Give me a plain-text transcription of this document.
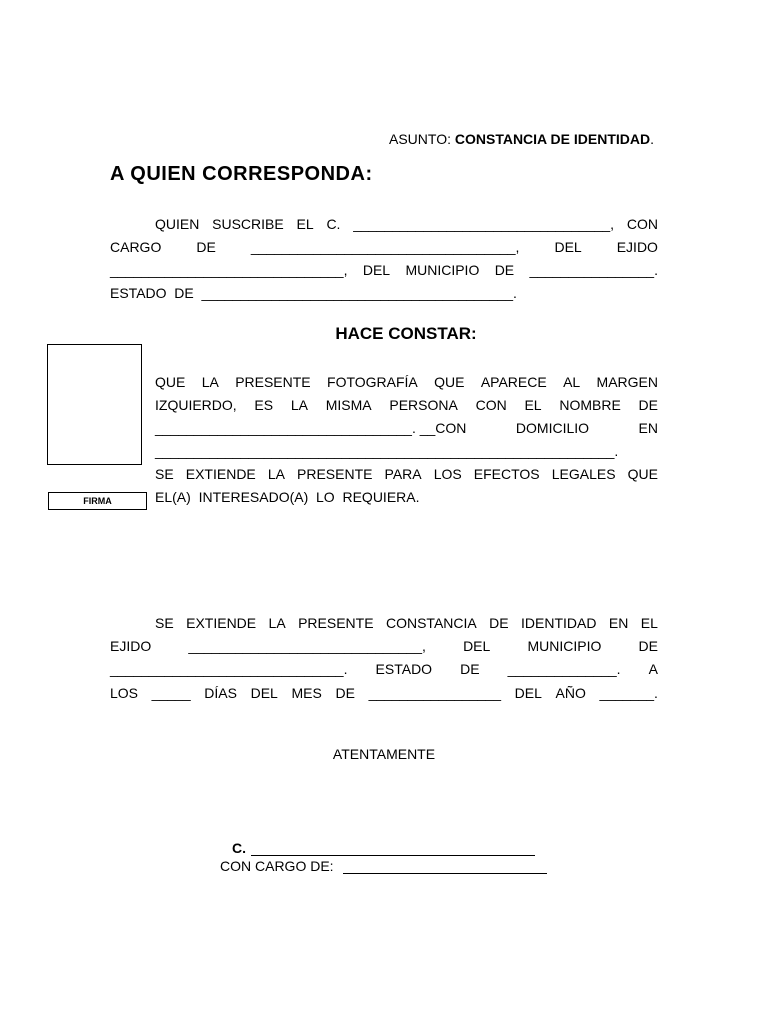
ASUNTO: CONSTANCIA DE IDENTIDAD.
A QUIEN CORRESPONDA:
QUIEN SUSCRIBE EL C. _________________________________, CON
CARGO	DE	__________________________________,	DEL	EJIDO
______________________________, DEL MUNICIPIO DE ________________.
ESTADO  DE  ________________________________________.
HACE CONSTAR:
FIRMA
QUE LA PRESENTE FOTOGRAFÍA QUE APARECE AL MARGEN
IZQUIERDO, ES LA MISMA PERSONA CON EL NOMBRE DE
_________________________________. __CON	DOMICILIO	EN
___________________________________________________________.
SE EXTIENDE LA PRESENTE PARA LOS EFECTOS LEGALES QUE
EL(A)  INTERESADO(A)  LO  REQUIERA.
SE EXTIENDE LA PRESENTE CONSTANCIA DE IDENTIDAD EN EL
EJIDO	______________________________,	DEL	MUNICIPIO	DE
______________________________. ESTADO DE ______________. A
LOS _____ DÍAS DEL MES DE _________________ DEL AÑO _______.
ATENTAMENTE
C.
CON CARGO DE:
